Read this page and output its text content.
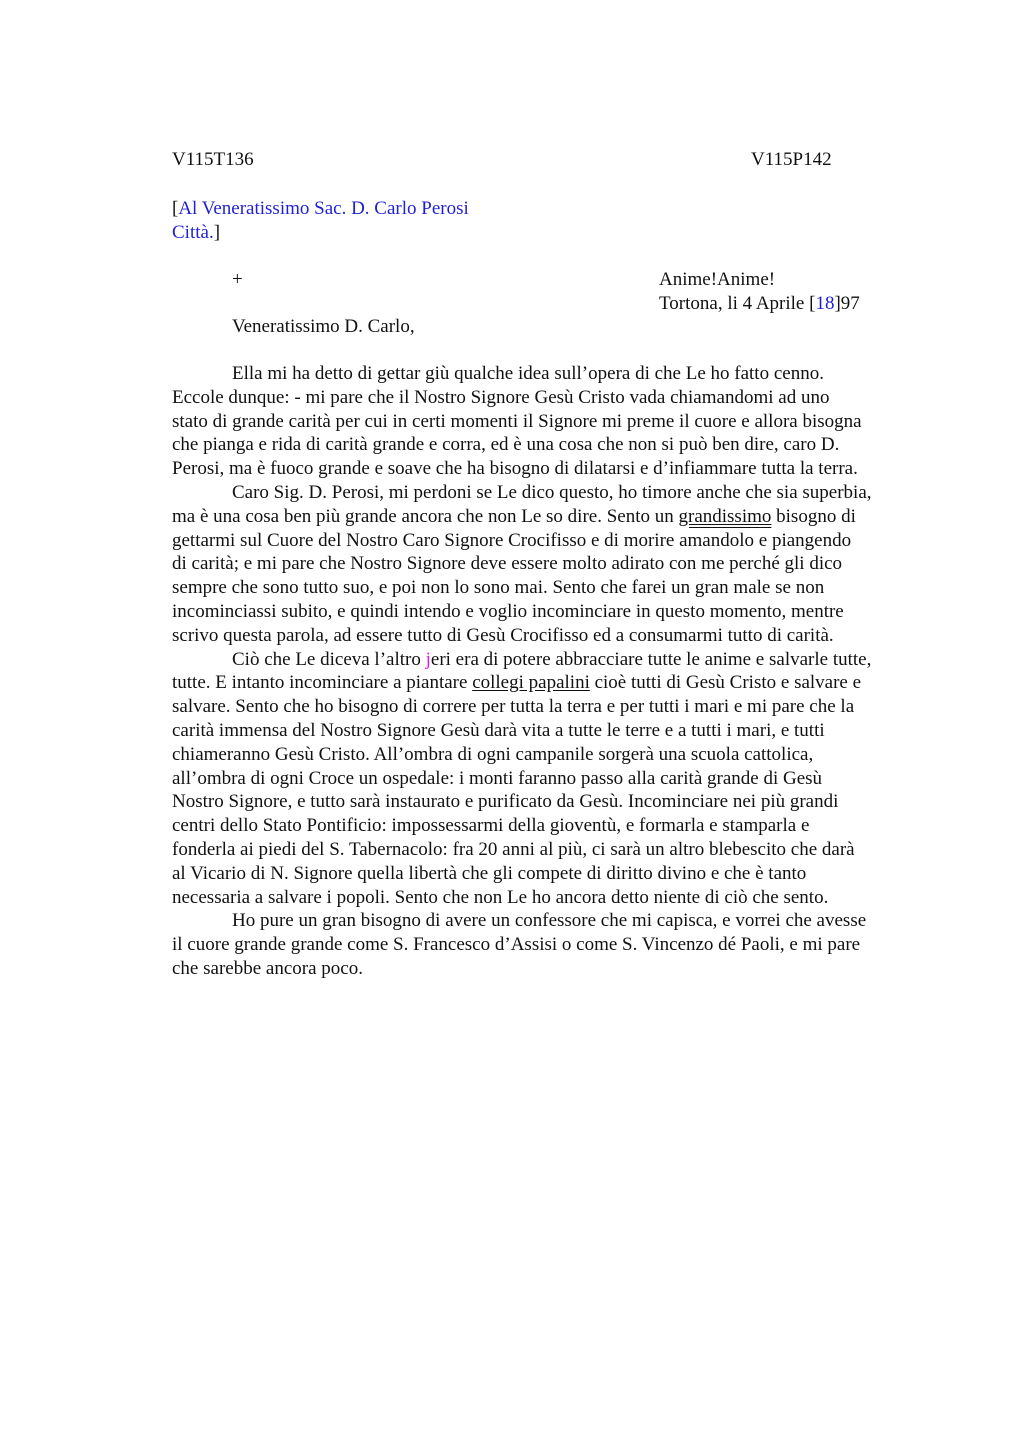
V115T136	V115P142
[Al Veneratissimo Sac. D. Carlo Perosi
Città.]
+	Anime!Anime!
Tortona, li 4 Aprile [18]97
Veneratissimo D. Carlo,

Ella mi ha detto di gettar giù qualche idea sull’opera di che Le ho fatto cenno.
Eccole dunque: - mi pare che il Nostro Signore Gesù Cristo vada chiamandomi ad uno
stato di grande carità per cui in certi momenti il Signore mi preme il cuore e allora bisogna
che pianga e rida di carità grande e corra, ed è una cosa che non si può ben dire, caro D.
Perosi, ma è fuoco grande e soave che ha bisogno di dilatarsi e d’infiammare tutta la terra.

Caro Sig. D. Perosi, mi perdoni se Le dico questo, ho timore anche che sia superbia,
ma è una cosa ben più grande ancora che non Le so dire. Sento un grandissimo bisogno di
gettarmi sul Cuore del Nostro Caro Signore Crocifisso e di morire amandolo e piangendo
di carità; e mi pare che Nostro Signore deve essere molto adirato con me perché gli dico
sempre che sono tutto suo, e poi non lo sono mai. Sento che farei un gran male se non
incominciassi subito, e quindi intendo e voglio incominciare in questo momento, mentre
scrivo questa parola, ad essere tutto di Gesù Crocifisso ed a consumarmi tutto di carità.

Ciò che Le diceva l’altro jeri era di potere abbracciare tutte le anime e salvarle tutte,
tutte. E intanto incominciare a piantare collegi papalini cioè tutti di Gesù Cristo e salvare e
salvare. Sento che ho bisogno di correre per tutta la terra e per tutti i mari e mi pare che la
carità immensa del Nostro Signore Gesù darà vita a tutte le terre e a tutti i mari, e tutti
chiameranno Gesù Cristo. All’ombra di ogni campanile sorgerà una scuola cattolica,
all’ombra di ogni Croce un ospedale: i monti faranno passo alla carità grande di Gesù
Nostro Signore, e tutto sarà instaurato e purificato da Gesù. Incominciare nei più grandi
centri dello Stato Pontificio: impossessarmi della gioventù, e formarla e stamparla e
fonderla ai piedi del S. Tabernacolo: fra 20 anni al più, ci sarà un altro blebescito che darà
al Vicario di N. Signore quella libertà che gli compete di diritto divino e che è tanto
necessaria a salvare i popoli. Sento che non Le ho ancora detto niente di ciò che sento.

Ho pure un gran bisogno di avere un confessore che mi capisca, e vorrei che avesse
il cuore grande grande come S. Francesco d’Assisi o come S. Vincenzo dé Paoli, e mi pare
che sarebbe ancora poco.
